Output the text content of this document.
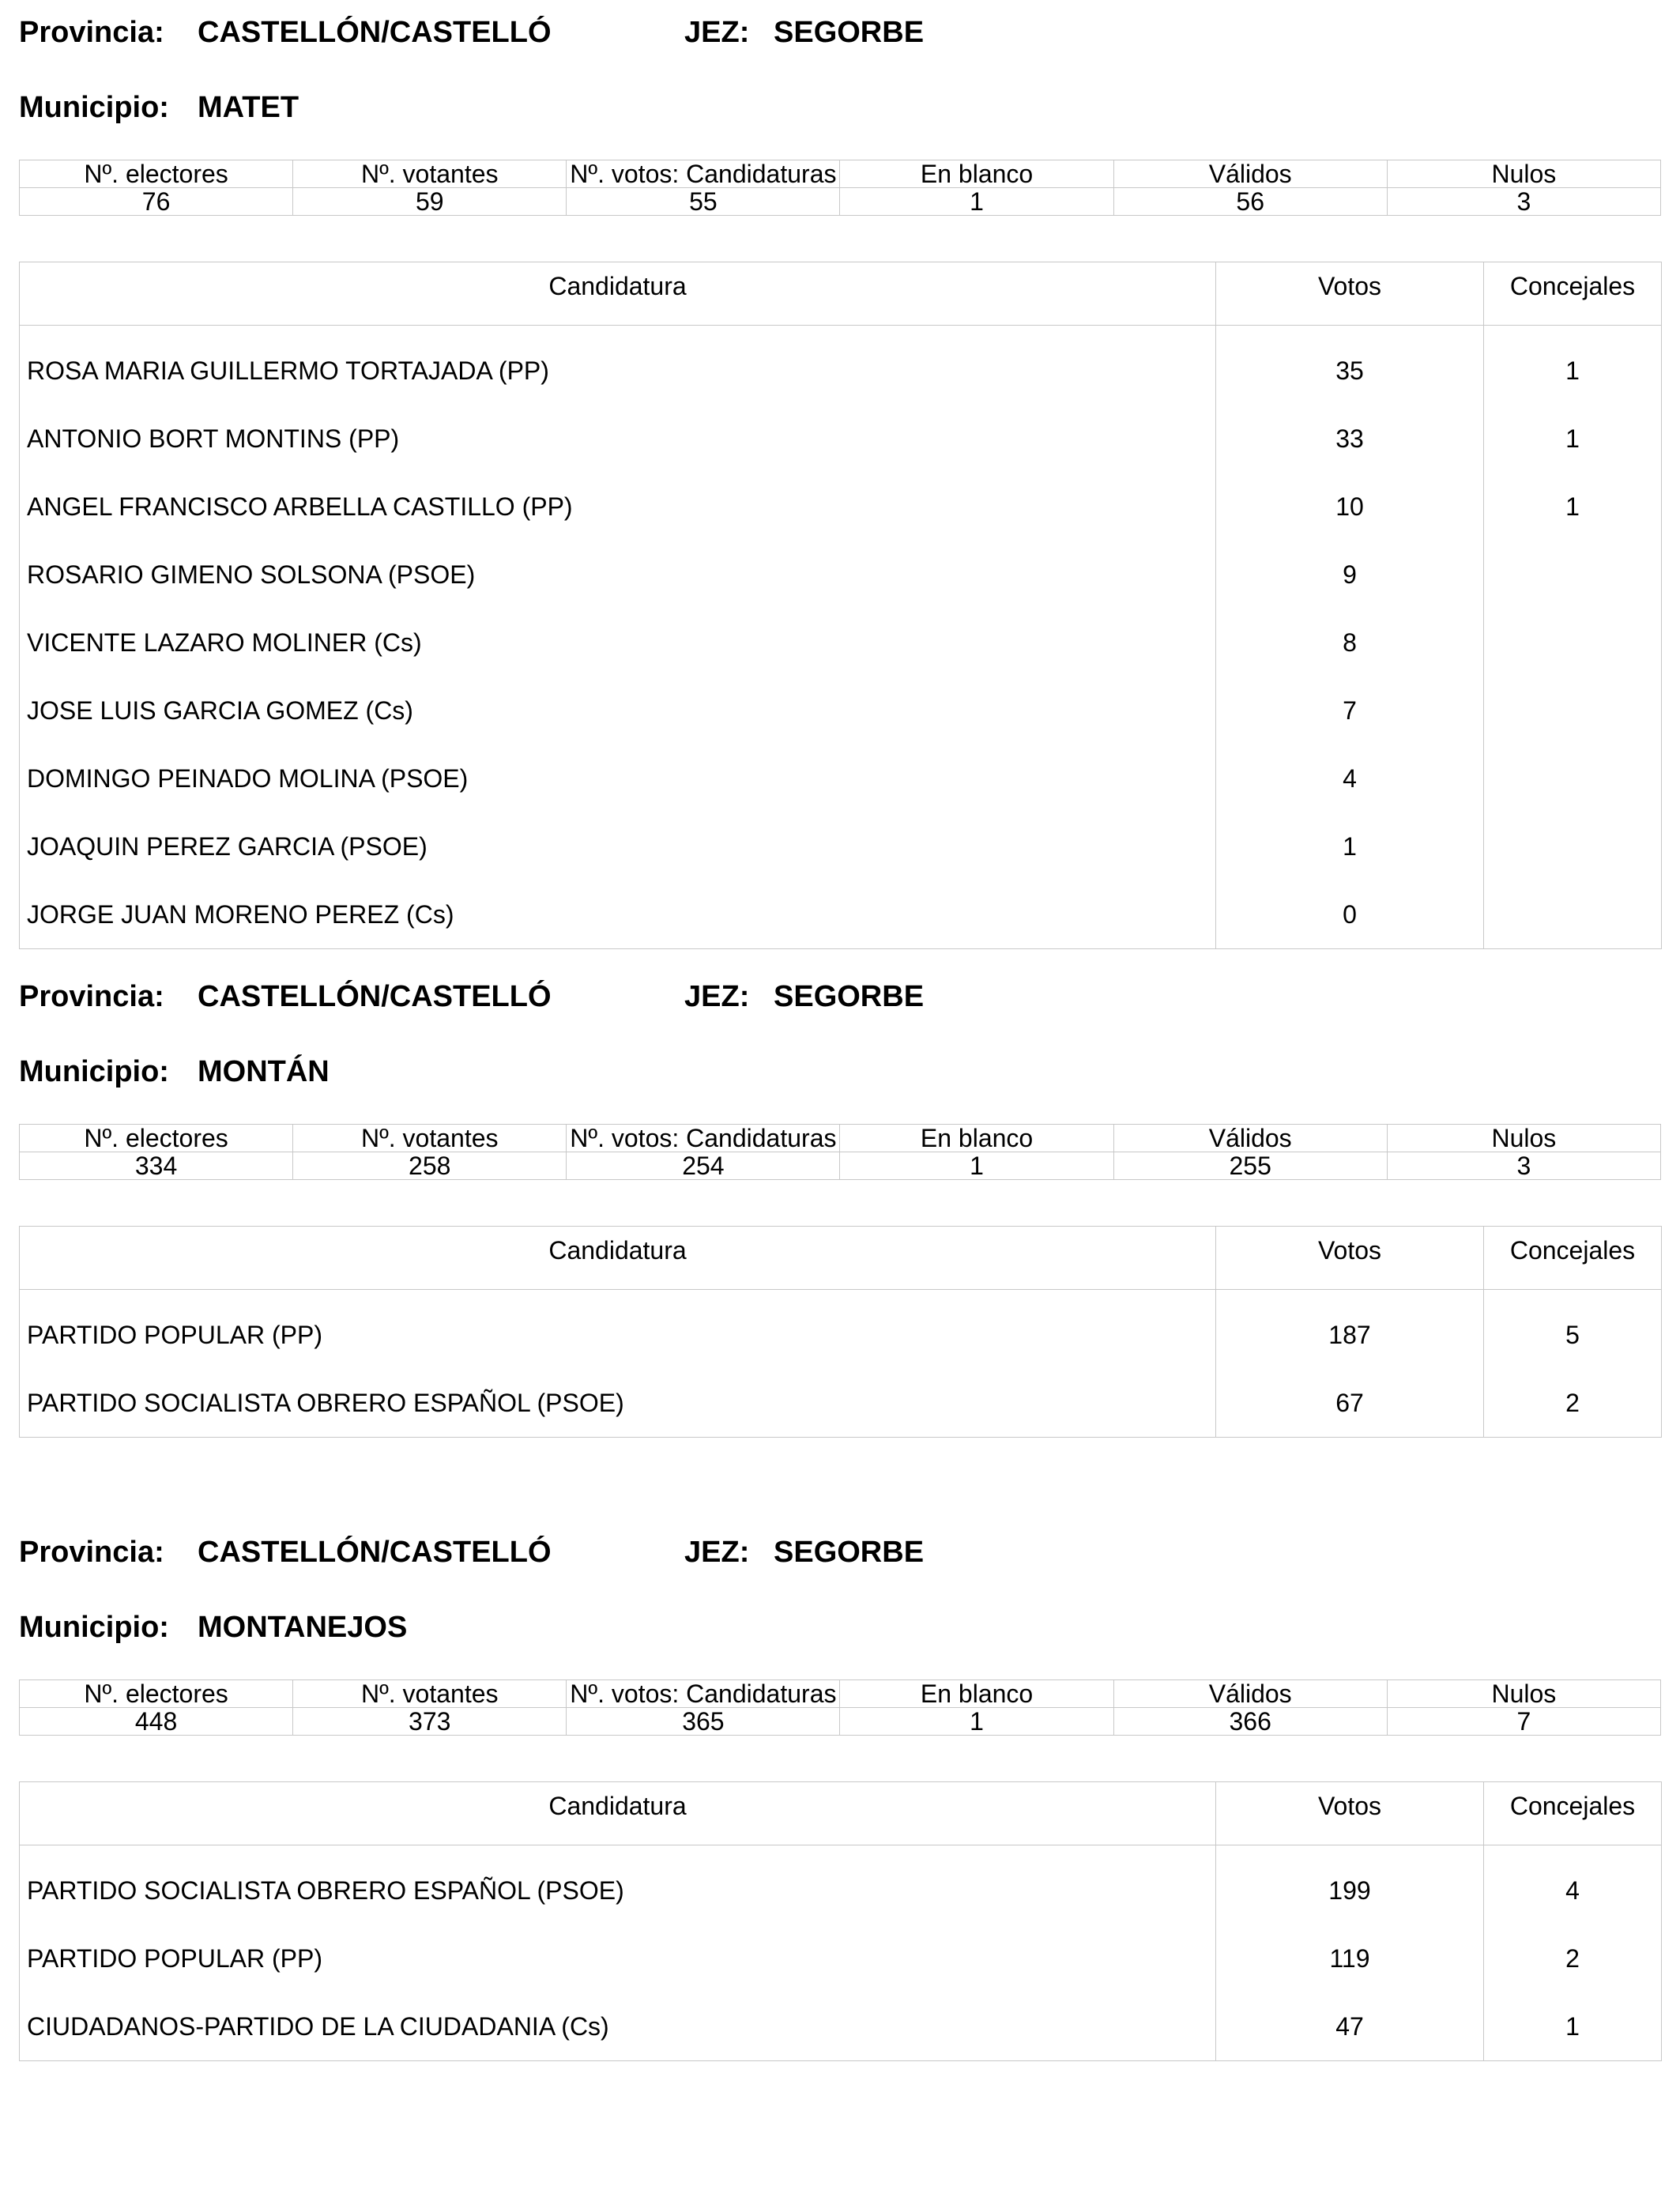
Provincia: CASTELLÓN/CASTELLÓ	JEZ: SEGORBE
Municipio: MATET
Nº. electores	Nº. votantes	Nº. votos: Candidaturas	En blanco	Válidos	Nulos
76	59	55	1	56	3
Candidatura	Votos	Concejales
ROSA MARIA GUILLERMO TORTAJADA (PP)	35	1
ANTONIO BORT MONTINS (PP)	33	1
ANGEL FRANCISCO ARBELLA CASTILLO (PP)	10	1
ROSARIO GIMENO SOLSONA (PSOE)	9	
VICENTE LAZARO MOLINER (Cs)	8	
JOSE LUIS GARCIA GOMEZ (Cs)	7	
DOMINGO PEINADO MOLINA (PSOE)	4	
JOAQUIN PEREZ GARCIA (PSOE)	1	
JORGE JUAN MORENO PEREZ (Cs)	0	
Provincia: CASTELLÓN/CASTELLÓ	JEZ: SEGORBE
Municipio: MONTÁN
Nº. electores	Nº. votantes	Nº. votos: Candidaturas	En blanco	Válidos	Nulos
334	258	254	1	255	3
Candidatura	Votos	Concejales
PARTIDO POPULAR (PP)	187	5
PARTIDO SOCIALISTA OBRERO ESPAÑOL (PSOE)	67	2
Provincia: CASTELLÓN/CASTELLÓ	JEZ: SEGORBE
Municipio: MONTANEJOS
Nº. electores	Nº. votantes	Nº. votos: Candidaturas	En blanco	Válidos	Nulos
448	373	365	1	366	7
Candidatura	Votos	Concejales
PARTIDO SOCIALISTA OBRERO ESPAÑOL (PSOE)	199	4
PARTIDO POPULAR (PP)	119	2
CIUDADANOS-PARTIDO DE LA CIUDADANIA (Cs)	47	1
